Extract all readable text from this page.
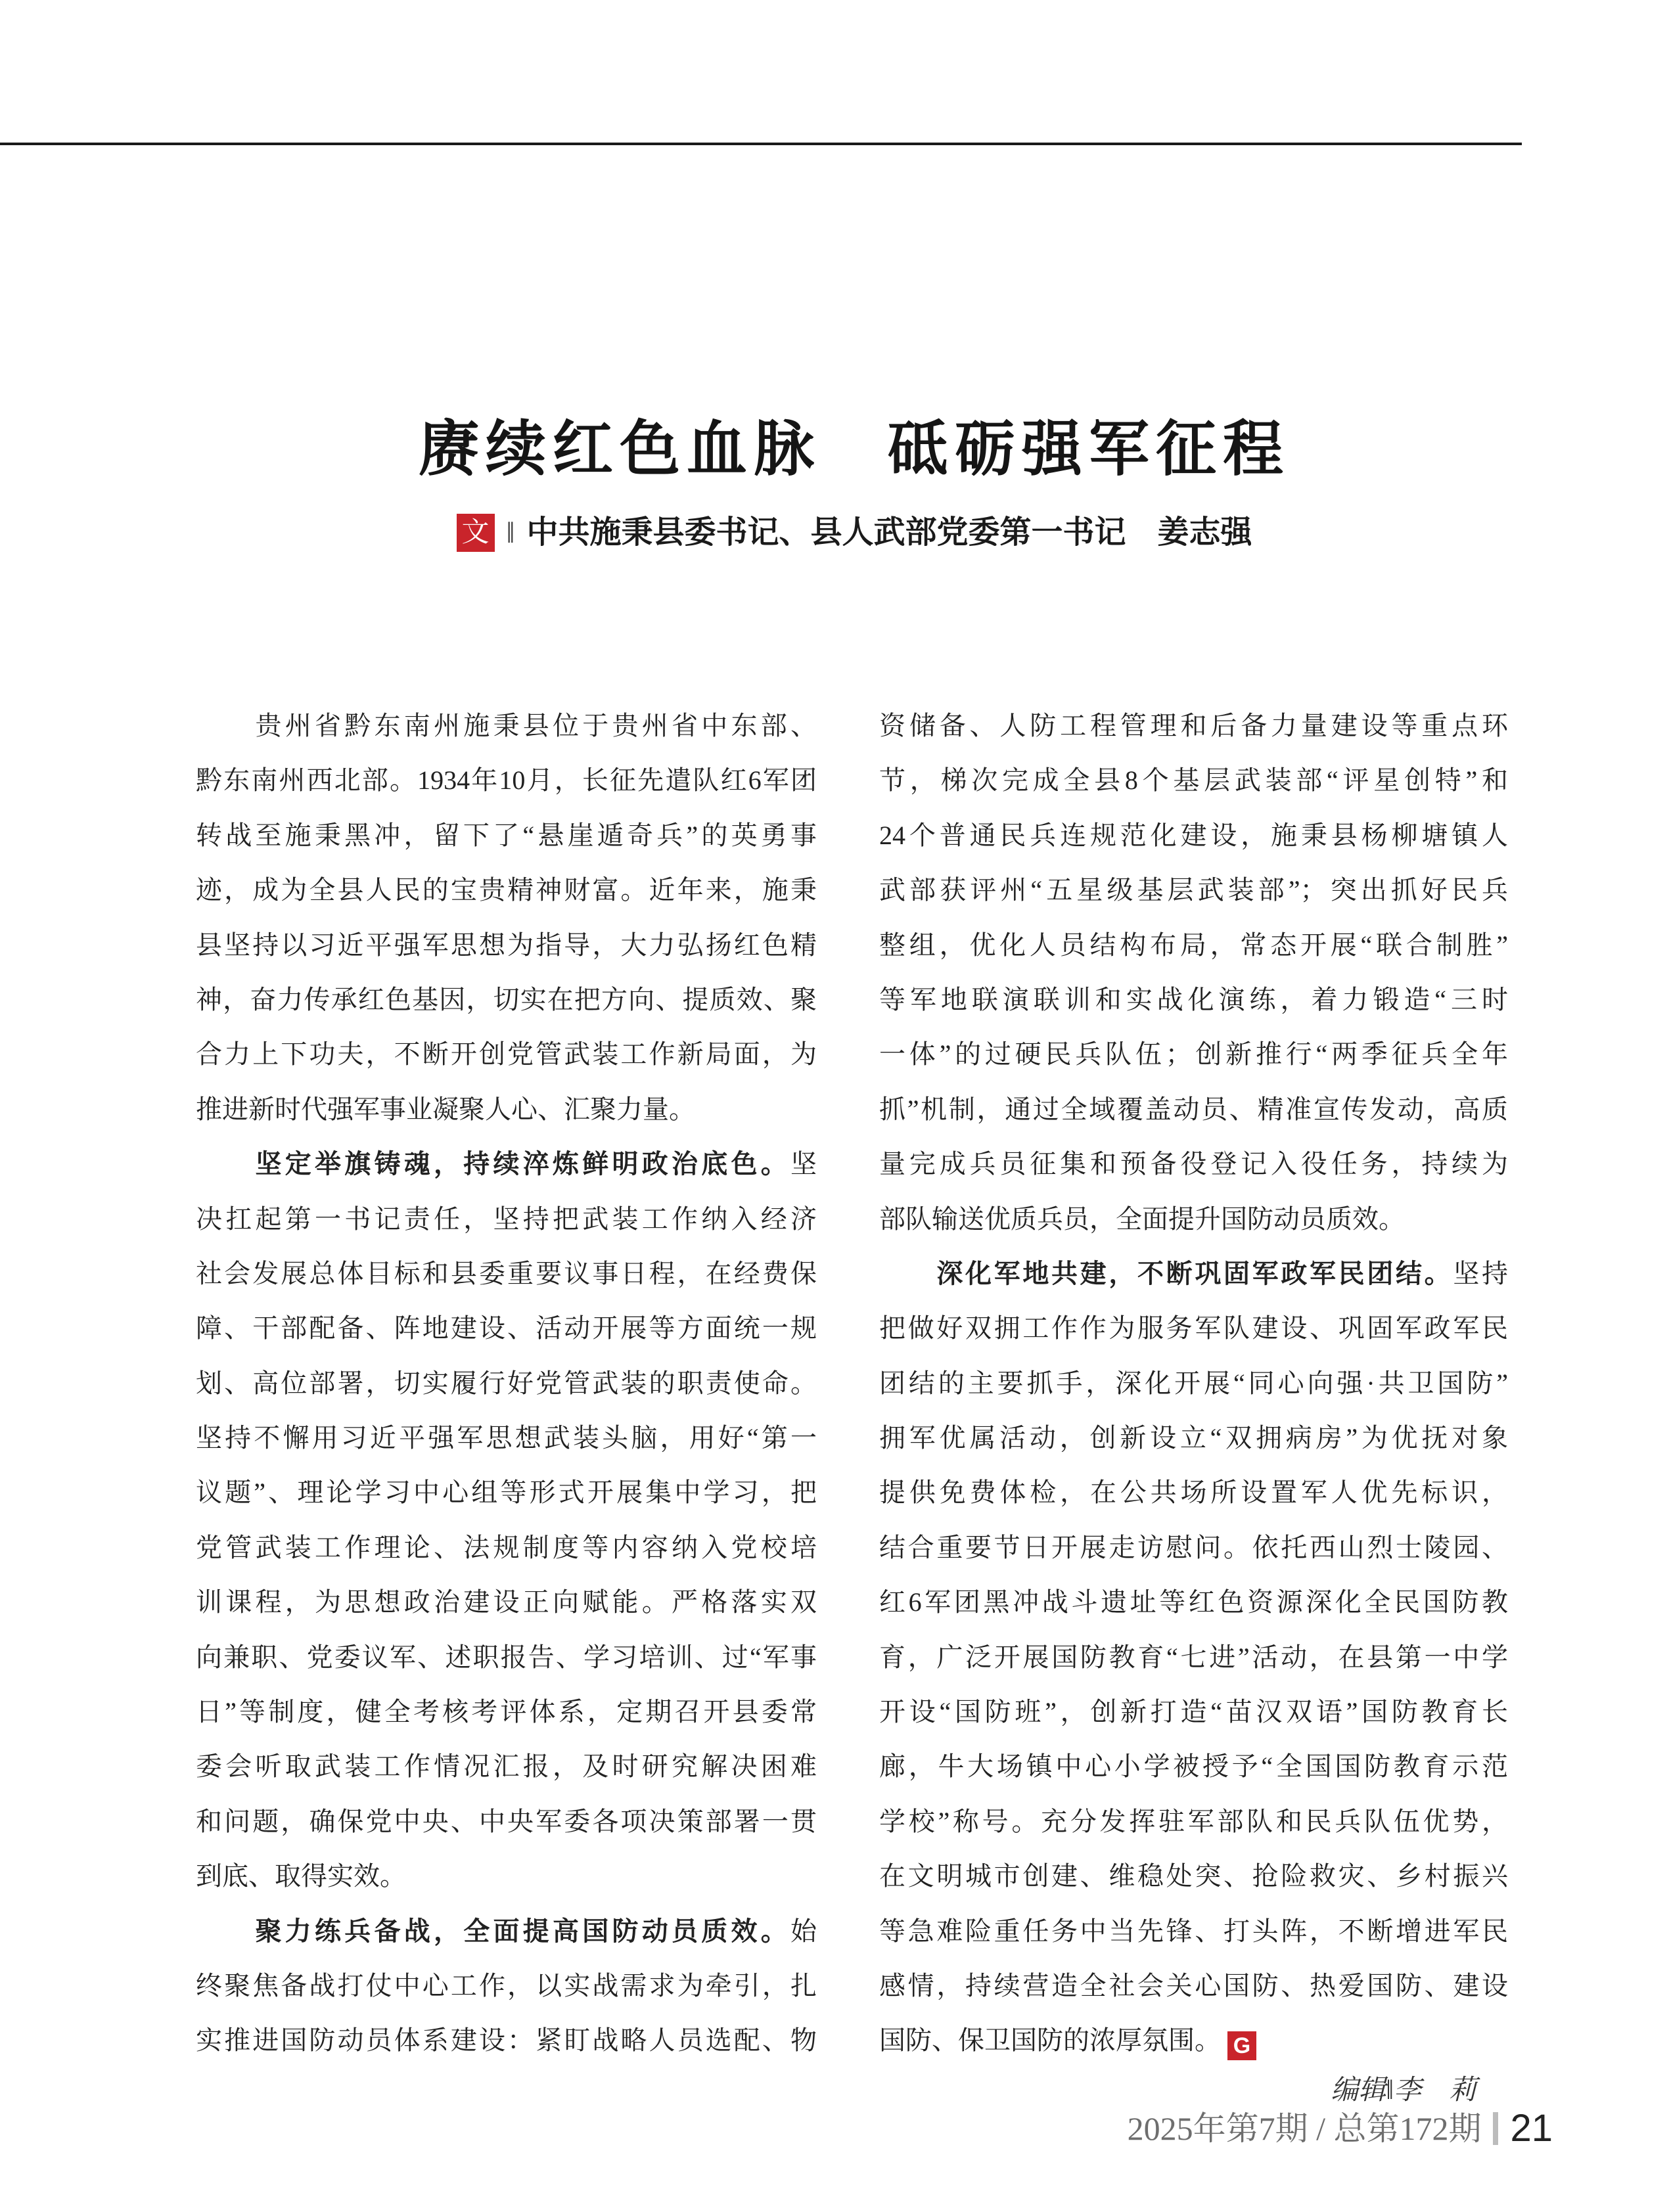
赓续红色血脉　砥砺强军征程
文 ‖ 中共施秉县委书记、县人武部党委第一书记　姜志强
　　贵州省黔东南州施秉县位于贵州省中东部、
黔东南州西北部。1934年10月，长征先遣队红6军团
转战至施秉黑冲，留下了“悬崖遁奇兵”的英勇事
迹，成为全县人民的宝贵精神财富。近年来，施秉
县坚持以习近平强军思想为指导，大力弘扬红色精
神，奋力传承红色基因，切实在把方向、提质效、聚
合力上下功夫，不断开创党管武装工作新局面，为
推进新时代强军事业凝聚人心、汇聚力量。
　　坚定举旗铸魂，持续淬炼鲜明政治底色。坚
决扛起第一书记责任，坚持把武装工作纳入经济
社会发展总体目标和县委重要议事日程，在经费保
障、干部配备、阵地建设、活动开展等方面统一规
划、高位部署，切实履行好党管武装的职责使命。
坚持不懈用习近平强军思想武装头脑，用好“第一
议题”、理论学习中心组等形式开展集中学习，把
党管武装工作理论、法规制度等内容纳入党校培
训课程，为思想政治建设正向赋能。严格落实双
向兼职、党委议军、述职报告、学习培训、过“军事
日”等制度，健全考核考评体系，定期召开县委常
委会听取武装工作情况汇报，及时研究解决困难
和问题，确保党中央、中央军委各项决策部署一贯
到底、取得实效。
　　聚力练兵备战，全面提高国防动员质效。始
终聚焦备战打仗中心工作，以实战需求为牵引，扎
实推进国防动员体系建设：紧盯战略人员选配、物
资储备、人防工程管理和后备力量建设等重点环
节，梯次完成全县8个基层武装部“评星创特”和
24个普通民兵连规范化建设，施秉县杨柳塘镇人
武部获评州“五星级基层武装部”；突出抓好民兵
整组，优化人员结构布局，常态开展“联合制胜”
等军地联演联训和实战化演练，着力锻造“三时
一体”的过硬民兵队伍；创新推行“两季征兵全年
抓”机制，通过全域覆盖动员、精准宣传发动，高质
量完成兵员征集和预备役登记入役任务，持续为
部队输送优质兵员，全面提升国防动员质效。
　　深化军地共建，不断巩固军政军民团结。坚持
把做好双拥工作作为服务军队建设、巩固军政军民
团结的主要抓手，深化开展“同心向强·共卫国防”
拥军优属活动，创新设立“双拥病房”为优抚对象
提供免费体检，在公共场所设置军人优先标识，
结合重要节日开展走访慰问。依托西山烈士陵园、
红6军团黑冲战斗遗址等红色资源深化全民国防教
育，广泛开展国防教育“七进”活动，在县第一中学
开设“国防班”，创新打造“苗汉双语”国防教育长
廊，牛大场镇中心小学被授予“全国国防教育示范
学校”称号。充分发挥驻军部队和民兵队伍优势，
在文明城市创建、维稳处突、抢险救灾、乡村振兴
等急难险重任务中当先锋、打头阵，不断增进军民
感情，持续营造全社会关心国防、热爱国防、建设
国防、保卫国防的浓厚氛围。 G
编辑‖李　莉
2025年第7期 / 总第172期 21
